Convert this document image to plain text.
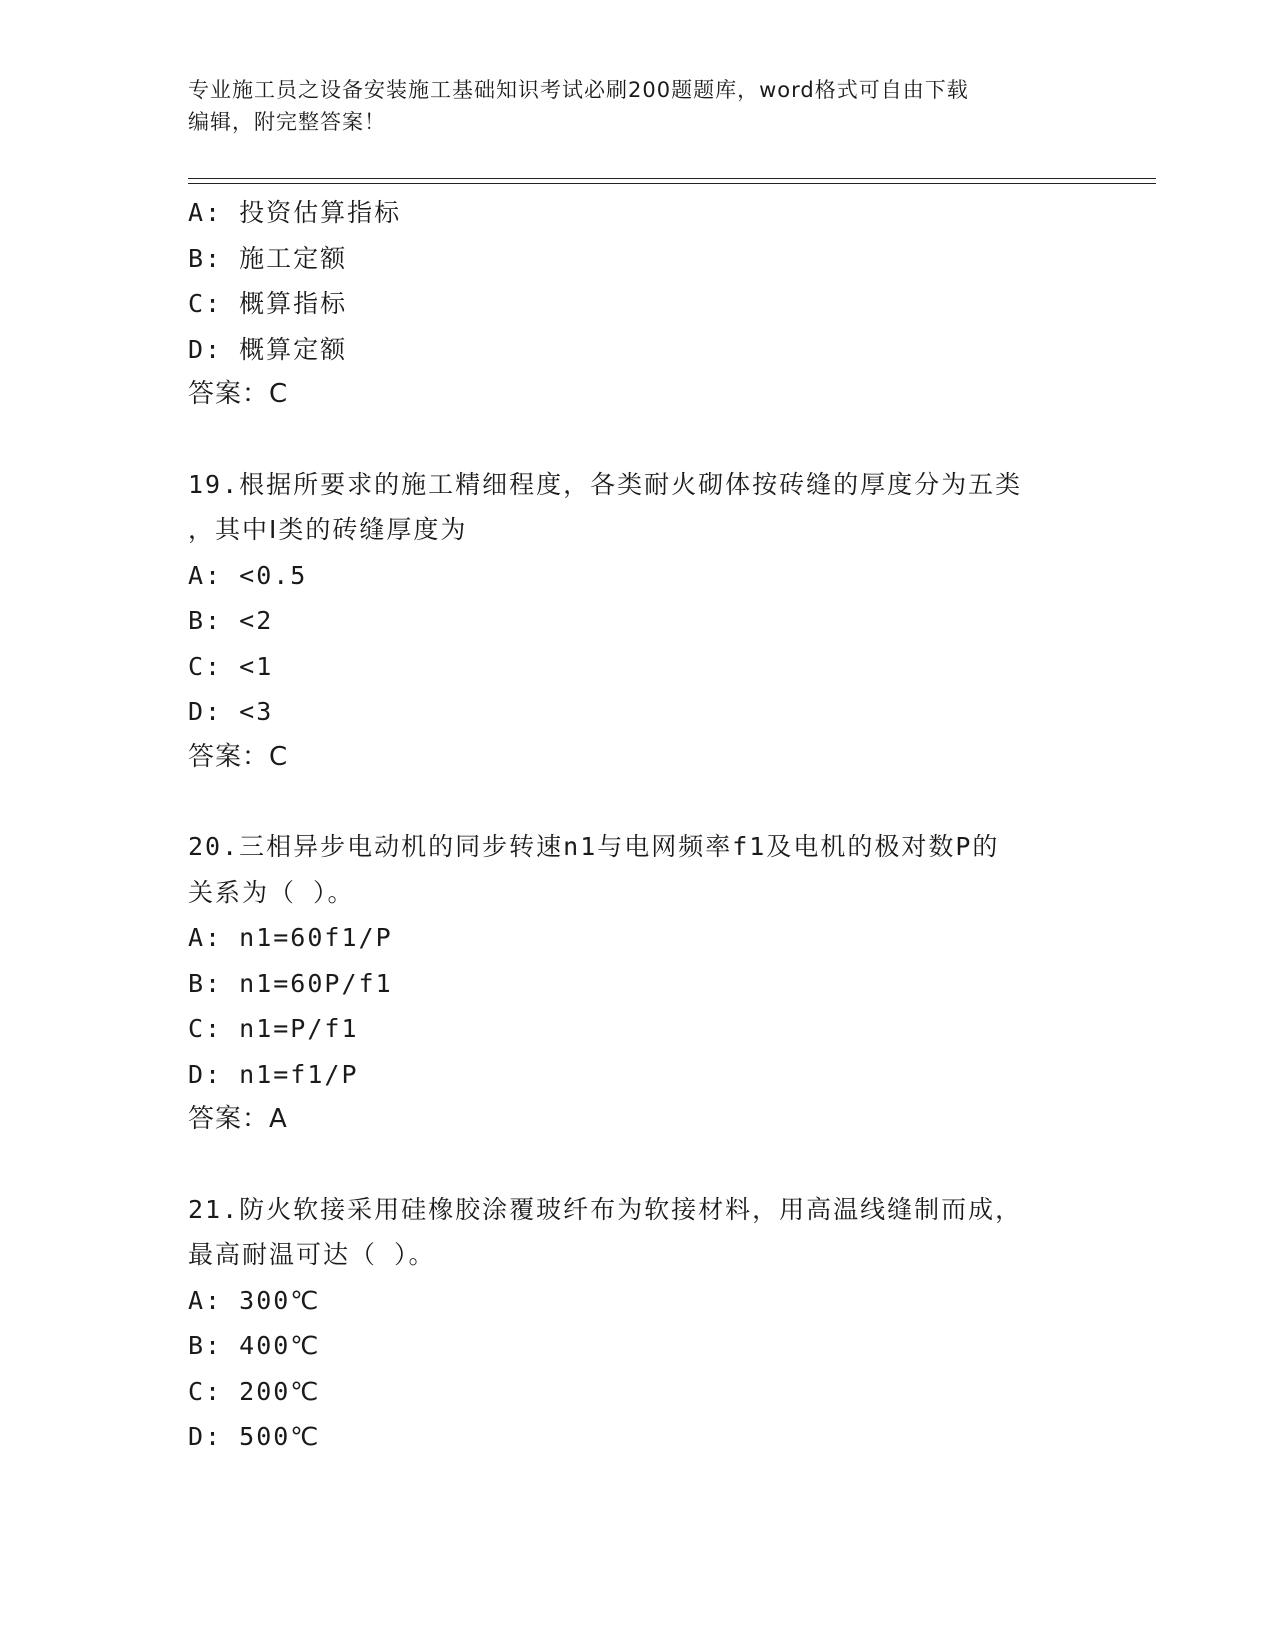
专业施工员之设备安装施工基础知识考试必刷200题题库，word格式可自由下载
编辑，附完整答案！
A: 投资估算指标
B: 施工定额
C: 概算指标
D: 概算定额
答案：C
19.根据所要求的施工精细程度，各类耐火砌体按砖缝的厚度分为五类
，其中Ⅰ类的砖缝厚度为
A: <0.5
B: <2
C: <1
D: <3
答案：C
20.三相异步电动机的同步转速n1与电网频率f1及电机的极对数P的
关系为（ ）。
A: n1=60f1/P
B: n1=60P/f1
C: n1=P/f1
D: n1=f1/P
答案：A
21.防火软接采用硅橡胶涂覆玻纤布为软接材料，用高温线缝制而成，
最高耐温可达（ ）。
A: 300℃
B: 400℃
C: 200℃
D: 500℃
